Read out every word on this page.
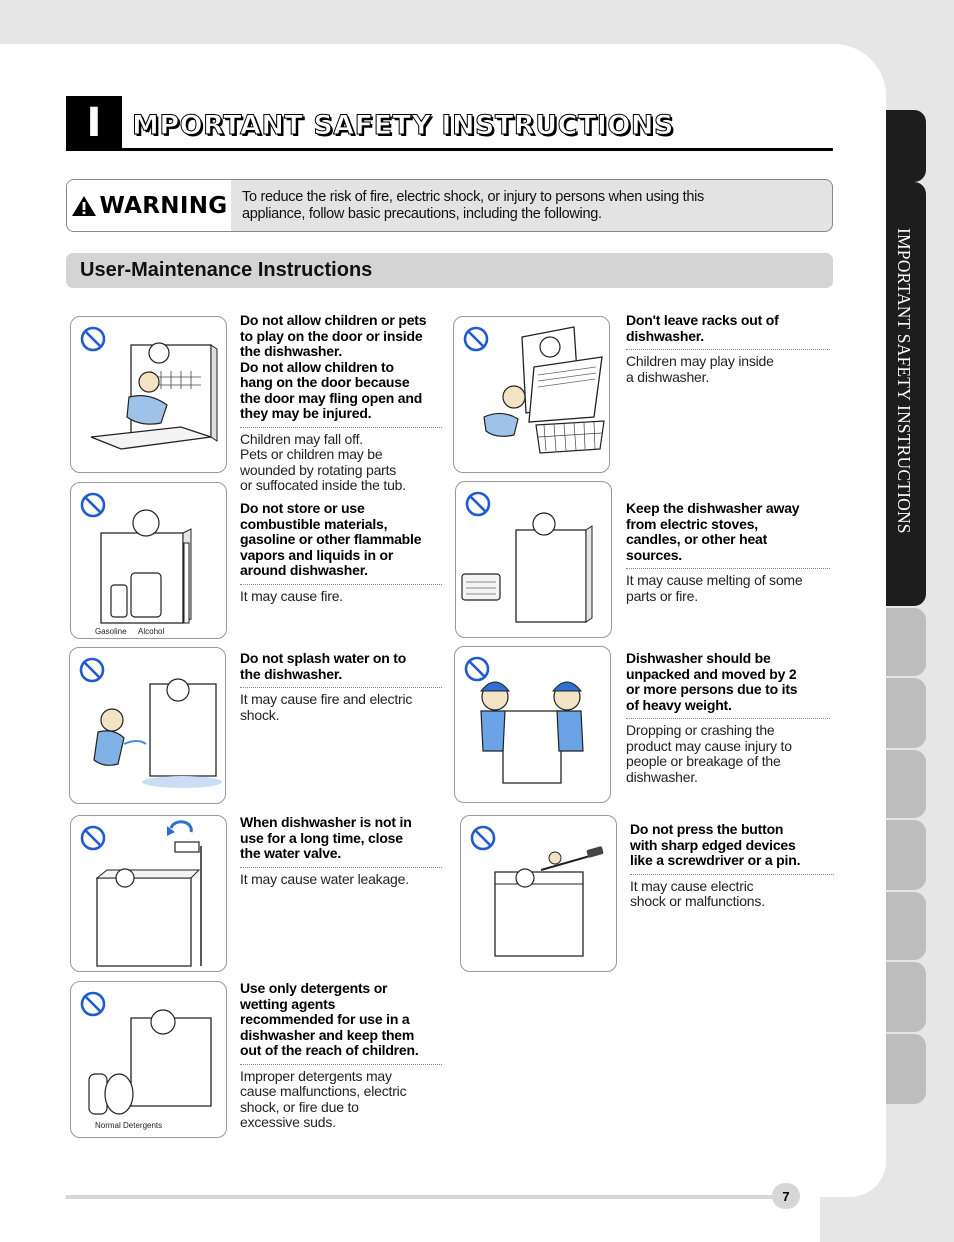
IMPORTANT SAFETY INSTRUCTIONS
I	MPORTANT SAFETY INSTRUCTIONS
WARNING To reduce the risk of fire, electric shock, or injury to persons when using this
appliance, follow basic precautions, including the following.
User-Maintenance Instructions
Gasoline Alcohol
Normal Detergents
Do not allow children or pets
to play on the door or inside
the dishwasher.
Do not allow children to
hang on the door because
the door may fling open and
they may be injured.
Children may fall off.
Pets or children may be
wounded by rotating parts
or suffocated inside the tub.
Don't leave racks out of
dishwasher.
Children may play inside
a dishwasher.
Do not store or use
combustible materials,
gasoline or other flammable
vapors and liquids in or
around dishwasher.
It may cause fire.
Keep the dishwasher away
from electric stoves,
candles, or other heat
sources.
It may cause melting of some
parts or fire.
Do not splash water on to
the dishwasher.
It may cause fire and electric
shock.
Dishwasher should be
unpacked and moved by 2
or more persons due to its
of heavy weight.
Dropping or crashing the
product may cause injury to
people or breakage of the
dishwasher.
When dishwasher is not in
use for a long time, close
the water valve.
It may cause water leakage.
Do not press the button
with sharp edged devices
like a screwdriver or a pin.
It may cause electric
shock or malfunctions.
Use only detergents or
wetting agents
recommended for use in a
dishwasher and keep them
out of the reach of children.
Improper detergents may
cause malfunctions, electric
shock, or fire due to
excessive suds.
7
